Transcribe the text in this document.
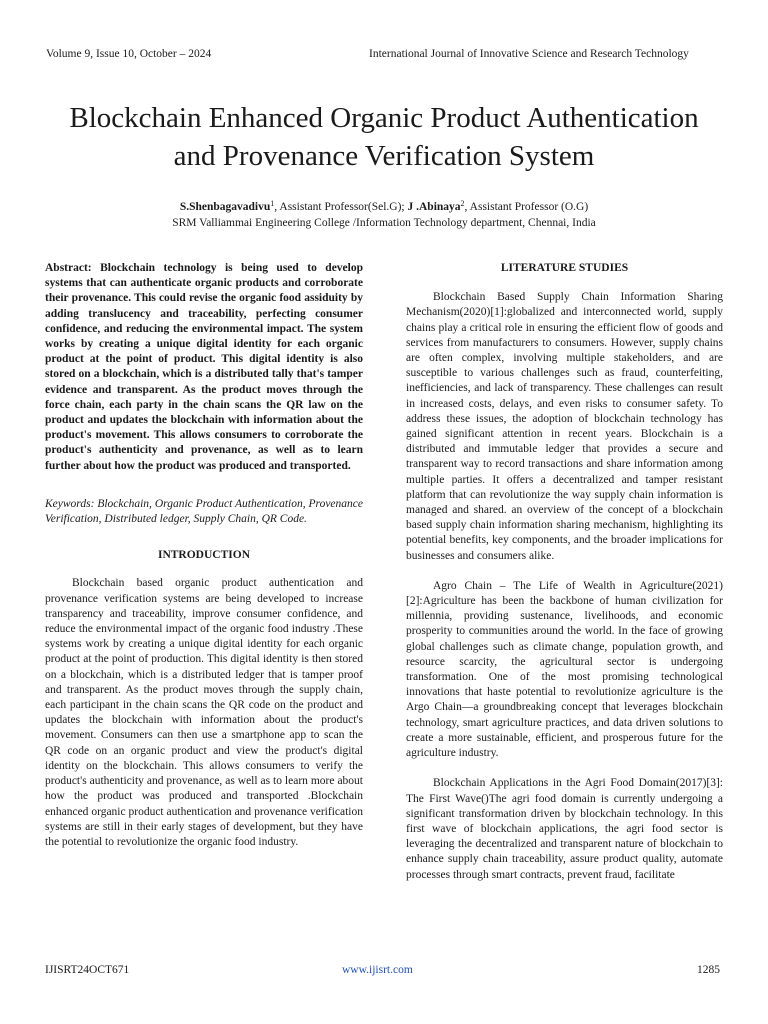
Volume 9, Issue 10, October – 2024	International Journal of Innovative Science and Research Technology
Blockchain Enhanced Organic Product Authentication
and Provenance Verification System
S.Shenbagavadivu$^1$, Assistant Professor(Sel.G); J .Abinaya$^2$, Assistant Professor (O.G)
SRM Valliammai Engineering College /Information Technology department, Chennai, India

Abstract: Blockchain technology is being used to develop systems that can authenticate organic products and corroborate their provenance. This could revise the organic food assiduity by adding translucency and traceability, perfecting consumer confidence, and reducing the environmental impact. The system works by creating a unique digital identity for each organic product at the point of product. This digital identity is also stored on a blockchain, which is a distributed tally that's tamper evidence and transparent. As the product moves through the force chain, each party in the chain scans the QR law on the product and updates the blockchain with information about the product's movement. This allows consumers to corroborate the product's authenticity and provenance, as well as to learn further about how the product was produced and transported.

Keywords: Blockchain, Organic Product Authentication, Provenance Verification, Distributed ledger, Supply Chain, QR Code.

INTRODUCTION

Blockchain based organic product authentication and provenance verification systems are being developed to increase transparency and traceability, improve consumer confidence, and reduce the environmental impact of the organic food industry .These systems work by creating a unique digital identity for each organic product at the point of production. This digital identity is then stored on a blockchain, which is a distributed ledger that is tamper proof and transparent. As the product moves through the supply chain, each participant in the chain scans the QR code on the product and updates the blockchain with information about the product's movement. Consumers can then use a smartphone app to scan the QR code on an organic product and view the product's digital identity on the blockchain. This allows consumers to verify the product's authenticity and provenance, as well as to learn more about how the product was produced and transported .Blockchain enhanced organic product authentication and provenance verification systems are still in their early stages of development, but they have the potential to revolutionize the organic food industry.

LITERATURE STUDIES

Blockchain Based Supply Chain Information Sharing Mechanism(2020)[1]:globalized and interconnected world, supply chains play a critical role in ensuring the efficient flow of goods and services from manufacturers to consumers. However, supply chains are often complex, involving multiple stakeholders, and are susceptible to various challenges such as fraud, counterfeiting, inefficiencies, and lack of transparency. These challenges can result in increased costs, delays, and even risks to consumer safety. To address these issues, the adoption of blockchain technology has gained significant attention in recent years. Blockchain is a distributed and immutable ledger that provides a secure and transparent way to record transactions and share information among multiple parties. It offers a decentralized and tamper resistant platform that can revolutionize the way supply chain information is managed and shared. an overview of the concept of a blockchain based supply chain information sharing mechanism, highlighting its potential benefits, key components, and the broader implications for businesses and consumers alike.

Agro Chain – The Life of Wealth in Agriculture(2021)[2]:Agriculture has been the backbone of human civilization for millennia, providing sustenance, livelihoods, and economic prosperity to communities around the world. In the face of growing global challenges such as climate change, population growth, and resource scarcity, the agricultural sector is undergoing transformation. One of the most promising technological innovations that haste potential to revolutionize agriculture is the Argo Chain—a groundbreaking concept that leverages blockchain technology, smart agriculture practices, and data driven solutions to create a more sustainable, efficient, and prosperous future for the agriculture industry.

Blockchain Applications in the Agri Food Domain(2017)[3]: The First Wave()The agri food domain is currently undergoing a significant transformation driven by blockchain technology. In this first wave of blockchain applications, the agri food sector is leveraging the decentralized and transparent nature of blockchain to enhance supply chain traceability, assure product quality, automate processes through smart contracts, prevent fraud, facilitate

IJISRT24OCT671	www.ijisrt.com	1285
